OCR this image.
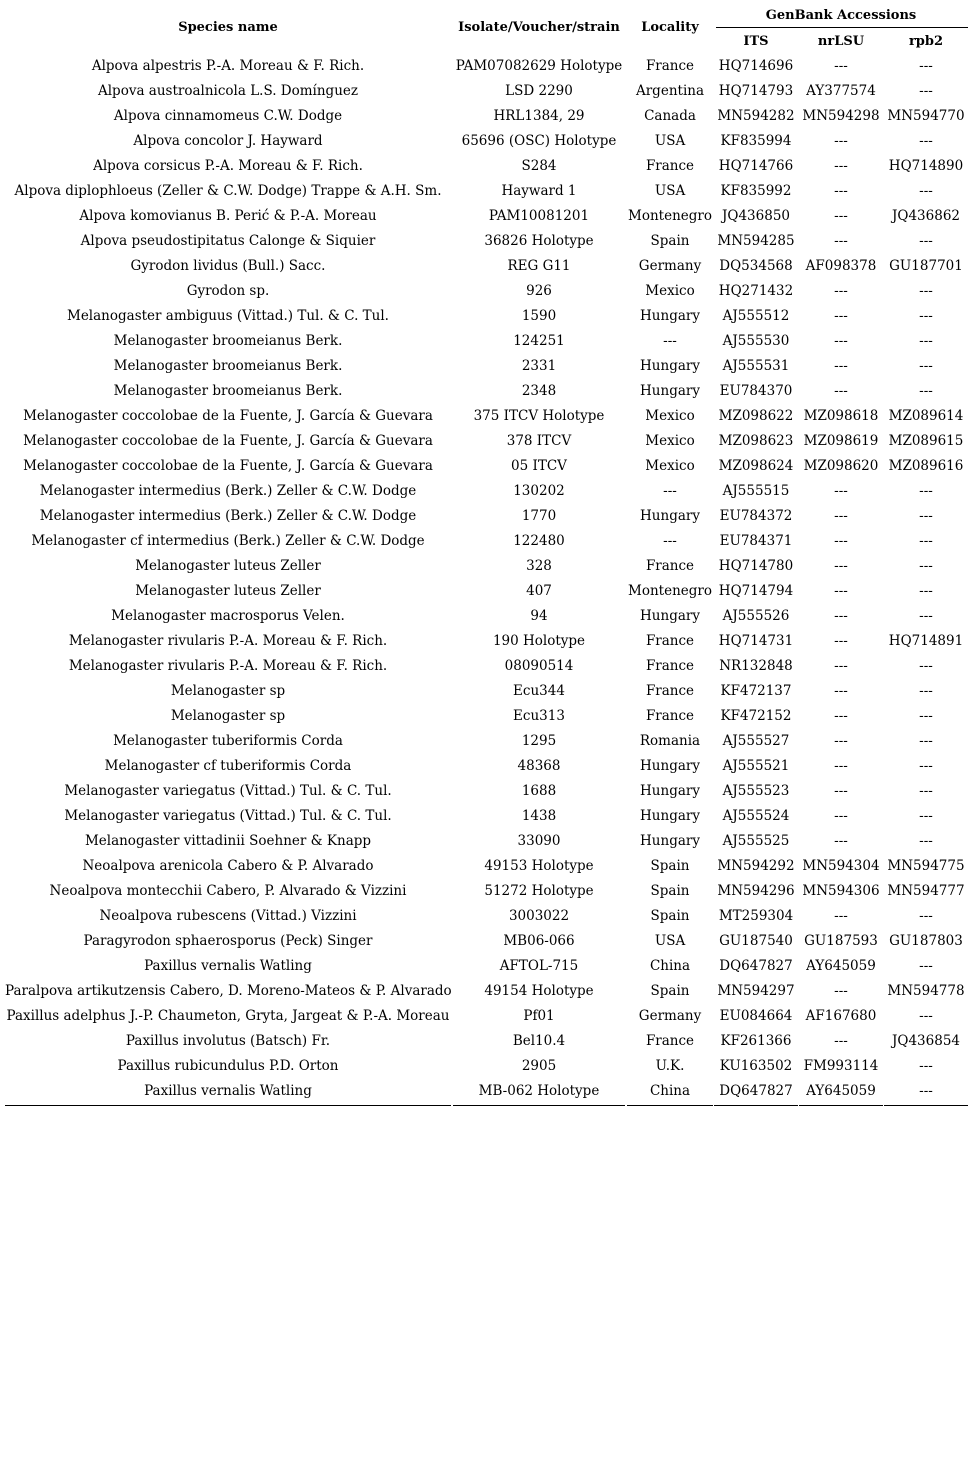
Species name	Isolate/Voucher/strain	Locality
GenBank Accessions
ITS	nrLSU	rpb2
Alpova alpestris P.-A. Moreau & F. Rich.	PAM07082629 Holotype	France	HQ714696	---	---
Alpova austroalnicola L.S. Domínguez	LSD 2290	Argentina	HQ714793 AY377574	---
Alpova cinnamomeus C.W. Dodge	HRL1384, 29	Canada	MN594282 MN594298 MN594770
Alpova concolor J. Hayward	65696 (OSC) Holotype	USA	KF835994	---	---
Alpova corsicus P.-A. Moreau & F. Rich.	S284	France	HQ714766	---	HQ714890
Alpova diplophloeus (Zeller & C.W. Dodge) Trappe & A.H. Sm.	Hayward 1	USA	KF835992	---	---
Alpova komovianus B. Perić & P.-A. Moreau	PAM10081201	Montenegro JQ436850	---	JQ436862
Alpova pseudostipitatus Calonge & Siquier	36826 Holotype	Spain	MN594285	---	---
Gyrodon lividus (Bull.) Sacc.	REG G11	Germany	DQ534568 AF098378 GU187701
Gyrodon sp.	926	Mexico	HQ271432	---	---
Melanogaster ambiguus (Vittad.) Tul. & C. Tul.	1590	Hungary	AJ555512	---	---
Melanogaster broomeianus Berk.	124251	---	AJ555530	---	---
Melanogaster broomeianus Berk.	2331	Hungary	AJ555531	---	---
Melanogaster broomeianus Berk.	2348	Hungary	EU784370	---	---
Melanogaster coccolobae de la Fuente, J. García & Guevara	375 ITCV Holotype	Mexico	MZ098622 MZ098618 MZ089614
Melanogaster coccolobae de la Fuente, J. García & Guevara	378 ITCV	Mexico	MZ098623 MZ098619 MZ089615
Melanogaster coccolobae de la Fuente, J. García & Guevara	05 ITCV	Mexico	MZ098624 MZ098620 MZ089616
Melanogaster intermedius (Berk.) Zeller & C.W. Dodge	130202	---	AJ555515	---	---
Melanogaster intermedius (Berk.) Zeller & C.W. Dodge	1770	Hungary	EU784372	---	---
Melanogaster cf intermedius (Berk.) Zeller & C.W. Dodge	122480	---	EU784371	---	---
Melanogaster luteus Zeller	328	France	HQ714780	---	---
Melanogaster luteus Zeller	407	Montenegro HQ714794	---	---
Melanogaster macrosporus Velen.	94	Hungary	AJ555526	---	---
Melanogaster rivularis P.-A. Moreau & F. Rich.	190 Holotype	France	HQ714731	---	HQ714891
Melanogaster rivularis P.-A. Moreau & F. Rich.	08090514	France	NR132848	---	---
Melanogaster sp	Ecu344	France	KF472137	---	---
Melanogaster sp	Ecu313	France	KF472152	---	---
Melanogaster tuberiformis Corda	1295	Romania	AJ555527	---	---
Melanogaster cf tuberiformis Corda	48368	Hungary	AJ555521	---	---
Melanogaster variegatus (Vittad.) Tul. & C. Tul.	1688	Hungary	AJ555523	---	---
Melanogaster variegatus (Vittad.) Tul. & C. Tul.	1438	Hungary	AJ555524	---	---
Melanogaster vittadinii Soehner & Knapp	33090	Hungary	AJ555525	---	---
Neoalpova arenicola Cabero & P. Alvarado	49153 Holotype	Spain	MN594292 MN594304 MN594775
Neoalpova montecchii Cabero, P. Alvarado & Vizzini	51272 Holotype	Spain	MN594296 MN594306 MN594777
Neoalpova rubescens (Vittad.) Vizzini	3003022	Spain	MT259304	---	---
Paragyrodon sphaerosporus (Peck) Singer	MB06-066	USA	GU187540 GU187593 GU187803
Paxillus vernalis Watling	AFTOL-715	China	DQ647827 AY645059	---
Paralpova artikutzensis Cabero, D. Moreno-Mateos & P. Alvarado	49154 Holotype	Spain	MN594297	---	MN594778
Paxillus adelphus J.-P. Chaumeton, Gryta, Jargeat & P.-A. Moreau	Pf01	Germany	EU084664 AF167680	---
Paxillus involutus (Batsch) Fr.	Bel10.4	France	KF261366	---	JQ436854
Paxillus rubicundulus P.D. Orton	2905	U.K.	KU163502 FM993114	---
Paxillus vernalis Watling	MB-062 Holotype	China	DQ647827 AY645059	---
